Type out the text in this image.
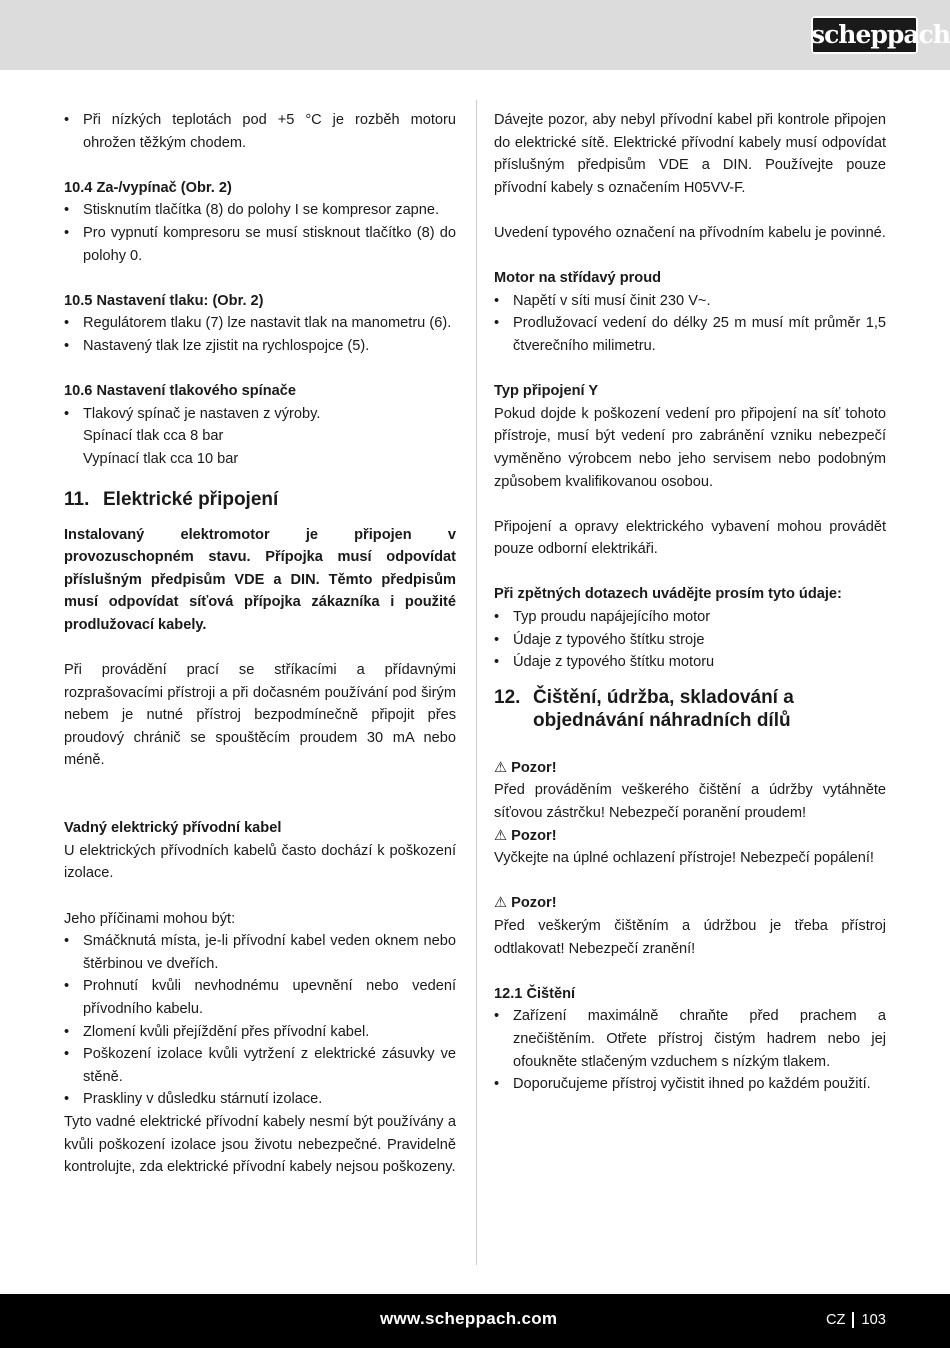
scheppach
• Při nízkých teplotách pod +5 °C je rozběh motoru ohrožen těžkým chodem.

10.4 Za-/vypínač (Obr. 2)

• Stisknutím tlačítka (8) do polohy I se kompresor zapne.
• Pro vypnutí kompresoru se musí stisknout tlačítko (8) do polohy 0.

10.5 Nastavení tlaku: (Obr. 2)

• Regulátorem tlaku (7) lze nastavit tlak na manometru (6).
• Nastavený tlak lze zjistit na rychlospojce (5).

10.6 Nastavení tlakového spínače

• Tlakový spínač je nastaven z výroby.

Spínací tlak cca 8 bar

Vypínací tlak cca 10 bar

11. Elektrické připojení

Instalovaný elektromotor je připojen v provozuschopném stavu. Přípojka musí odpovídat příslušným předpisům VDE a DIN. Těmto předpisům musí odpovídat síťová přípojka zákazníka i použité prodlužovací kabely.

Při provádění prací se stříkacími a přídavnými rozprašovacími přístroji a při dočasném používání pod širým nebem je nutné přístroj bezpodmínečně připojit přes proudový chránič se spouštěcím proudem 30 mA nebo méně.

Vadný elektrický přívodní kabel

U elektrických přívodních kabelů často dochází k poškození izolace.

Jeho příčinami mohou být:

• Smáčknutá místa, je-li přívodní kabel veden oknem nebo štěrbinou ve dveřích.
• Prohnutí kvůli nevhodnému upevnění nebo vedení přívodního kabelu.
• Zlomení kvůli přejíždění přes přívodní kabel.
• Poškození izolace kvůli vytržení z elektrické zásuvky ve stěně.
• Praskliny v důsledku stárnutí izolace.

Tyto vadné elektrické přívodní kabely nesmí být používány a kvůli poškození izolace jsou životu nebezpečné. Pravidelně kontrolujte, zda elektrické přívodní kabely nejsou poškozeny.

Dávejte pozor, aby nebyl přívodní kabel při kontrole připojen do elektrické sítě. Elektrické přívodní kabely musí odpovídat příslušným předpisům VDE a DIN. Používejte pouze přívodní kabely s označením H05VV-F.

Uvedení typového označení na přívodním kabelu je povinné.

Motor na střídavý proud

• Napětí v síti musí činit 230 V~.
• Prodlužovací vedení do délky 25 m musí mít průměr 1,5 čtverečního milimetru.

Typ připojení Y

Pokud dojde k poškození vedení pro připojení na síť tohoto přístroje, musí být vedení pro zabránění vzniku nebezpečí vyměněno výrobcem nebo jeho servisem nebo podobným způsobem kvalifikovanou osobou.

Připojení a opravy elektrického vybavení mohou provádět pouze odborní elektrikáři.

Při zpětných dotazech uvádějte prosím tyto údaje:

• Typ proudu napájejícího motor
• Údaje z typového štítku stroje
• Údaje z typového štítku motoru
12. Čištění, údržba, skladování a objednávání náhradních dílů

⚠ Pozor!

Před prováděním veškerého čištění a údržby vytáhněte síťovou zástrčku! Nebezpečí poranění proudem!

⚠ Pozor!

Vyčkejte na úplné ochlazení přístroje! Nebezpečí popálení!

⚠ Pozor!

Před veškerým čištěním a údržbou je třeba přístroj odtlakovat! Nebezpečí zranění!

12.1 Čištění

• Zařízení maximálně chraňte před prachem a znečištěním. Otřete přístroj čistým hadrem nebo jej ofoukněte stlačeným vzduchem s nízkým tlakem.
• Doporučujeme přístroj vyčistit ihned po každém použití.
www.scheppach.com	CZ 103
